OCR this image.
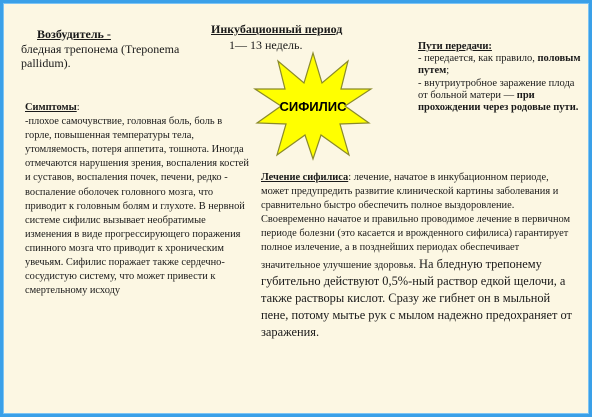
Возбудитель -
бледная трепонема (Treponema pallidum).
Инкубационный период
1— 13 недель.
СИФИЛИС
Пути передачи:
- передается, как правило, половым путем;
- внутриутробное заражение плода от больной матери — при прохождении через родовые пути.
Симптомы:
-плохое самочувствие, головная боль, боль в горле, повышенная температуры тела, утомляемость, потеря аппетита, тошнота. Иногда отмечаются нарушения зрения, воспаления костей и суставов, воспаления почек, печени, редко - воспаление оболочек головного мозга, что приводит к головным болям и глухоте. В нервной системе сифилис вызывает необратимые изменения в виде прогрессирующего поражения спинного мозга что приводит к хроническим увечьям. Сифилис поражает также сердечно-сосудистую систему, что может привести к смертельному исходу
Лечение сифилиса: лечение, начатое в инкубационном периоде, может предупредить развитие клинической картины заболевания и сравнительно быстро обеспечить полное выздоровление.
Своевременно начатое и правильно проводимое лечение в первичном периоде болезни (это касается и врожденного сифилиса) гарантирует полное излечение, а в позднейших периодах обеспечивает значительное улучшение здоровья. На бледную трепонему губительно действуют 0,5%-ный раствор едкой щелочи, а также растворы кислот. Сразу же гибнет он в мыльной пене, потому мытье рук с мылом надежно предохраняет от заражения.
